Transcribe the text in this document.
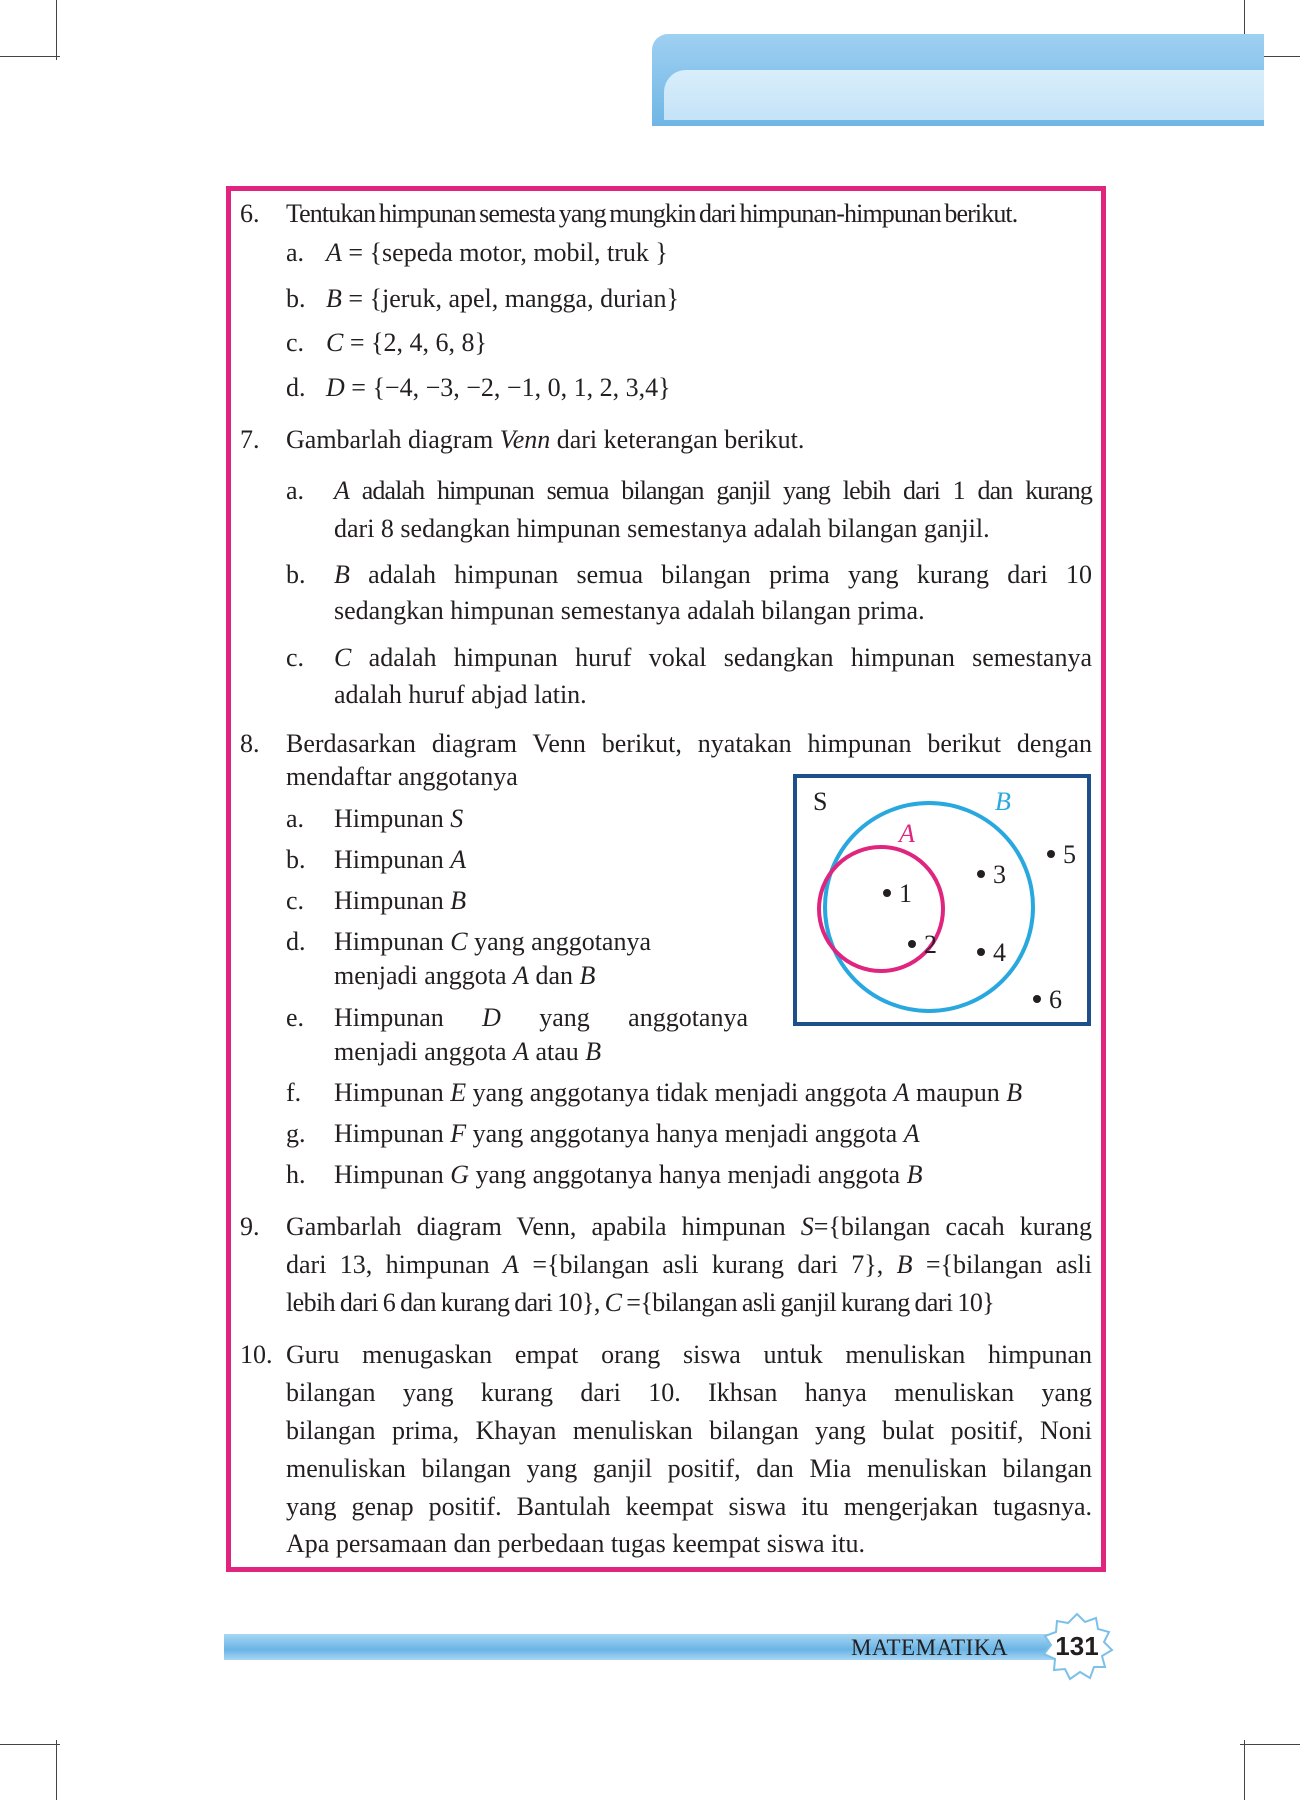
6. Tentukan himpunan semesta yang mungkin dari himpunan-himpunan berikut.
a. A = {sepeda motor, mobil, truk }
b. B = {jeruk, apel, mangga, durian}
c. C = {2, 4, 6, 8}
d. D = {−4, −3, −2, −1, 0, 1, 2, 3,4}
7. Gambarlah diagram Venn dari keterangan berikut.
a. A adalah himpunan semua bilangan ganjil yang lebih dari 1 dan kurang
dari 8 sedangkan himpunan semestanya adalah bilangan ganjil.
b. B adalah himpunan semua bilangan prima yang kurang dari 10
sedangkan himpunan semestanya adalah bilangan prima.
c. C adalah himpunan huruf vokal sedangkan himpunan semestanya
adalah huruf abjad latin.
8. Berdasarkan diagram Venn berikut, nyatakan himpunan berikut dengan
mendaftar anggotanya
a. Himpunan S
b. Himpunan A
c. Himpunan B
d. Himpunan C yang anggotanya
menjadi anggota A dan B
e. Himpunan D yang anggotanya
menjadi anggota A atau B
f. Himpunan E yang anggotanya tidak menjadi anggota A maupun B
g. Himpunan F yang anggotanya hanya menjadi anggota A
h. Himpunan G yang anggotanya hanya menjadi anggota B
S	B
A
1
2
3
4
5
6
9. Gambarlah diagram Venn, apabila himpunan S={bilangan cacah kurang
dari 13, himpunan A ={bilangan asli kurang dari 7}, B ={bilangan asli
lebih dari 6 dan kurang dari 10}, C ={bilangan asli ganjil kurang dari 10}
10. Guru menugaskan empat orang siswa untuk menuliskan himpunan
bilangan yang kurang dari 10. Ikhsan hanya menuliskan yang
bilangan prima, Khayan menuliskan bilangan yang bulat positif, Noni
menuliskan bilangan yang ganjil positif, dan Mia menuliskan bilangan
yang genap positif. Bantulah keempat siswa itu mengerjakan tugasnya.
Apa persamaan dan perbedaan tugas keempat siswa itu.
MATEMATIKA	131
